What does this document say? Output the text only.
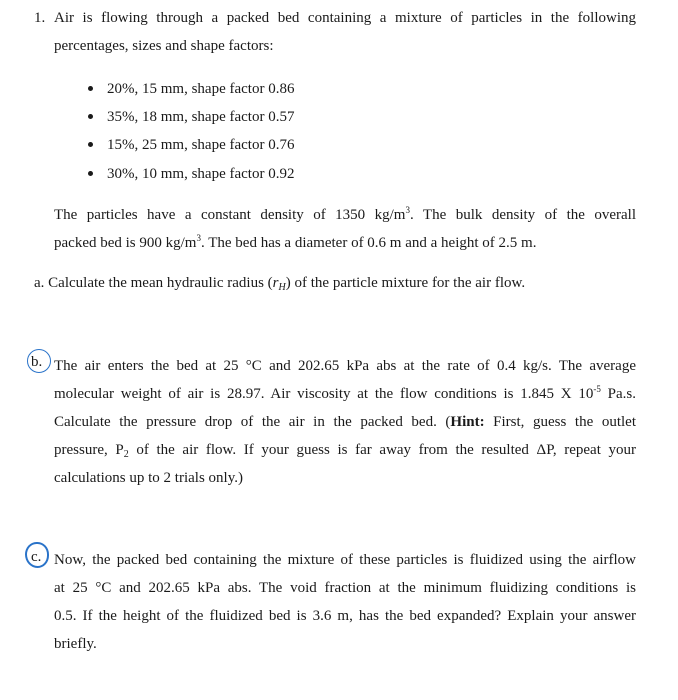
1. Air is flowing through a packed bed containing a mixture of particles in the following
percentages, sizes and shape factors:
20%, 15 mm, shape factor 0.86
35%, 18 mm, shape factor 0.57
15%, 25 mm, shape factor 0.76
30%, 10 mm, shape factor 0.92
The particles have a constant density of 1350 $kg/m^3$. The bulk density of the overall
packed bed is 900 $kg/m^3$. The bed has a diameter of 0.6 m and a height of 2.5 m.
a. Calculate the mean hydraulic radius $(r_H)$ of the particle mixture for the air flow.
b. The air enters the bed at 25 °C and 202.65 kPa abs at the rate of 0.4 kg/s. The average
molecular weight of air is 28.97. Air viscosity at the flow conditions is 1.845 X $10^{-5}$ Pa.s.
Calculate the pressure drop of the air in the packed bed. (Hint: First, guess the outlet
pressure, $P_2$ of the air flow. If your guess is far away from the resulted ΔP, repeat your
calculations up to 2 trials only.)
c. Now, the packed bed containing the mixture of these particles is fluidized using the airflow
at 25 °C and 202.65 kPa abs. The void fraction at the minimum fluidizing conditions is
0.5. If the height of the fluidized bed is 3.6 m, has the bed expanded? Explain your answer
briefly.
